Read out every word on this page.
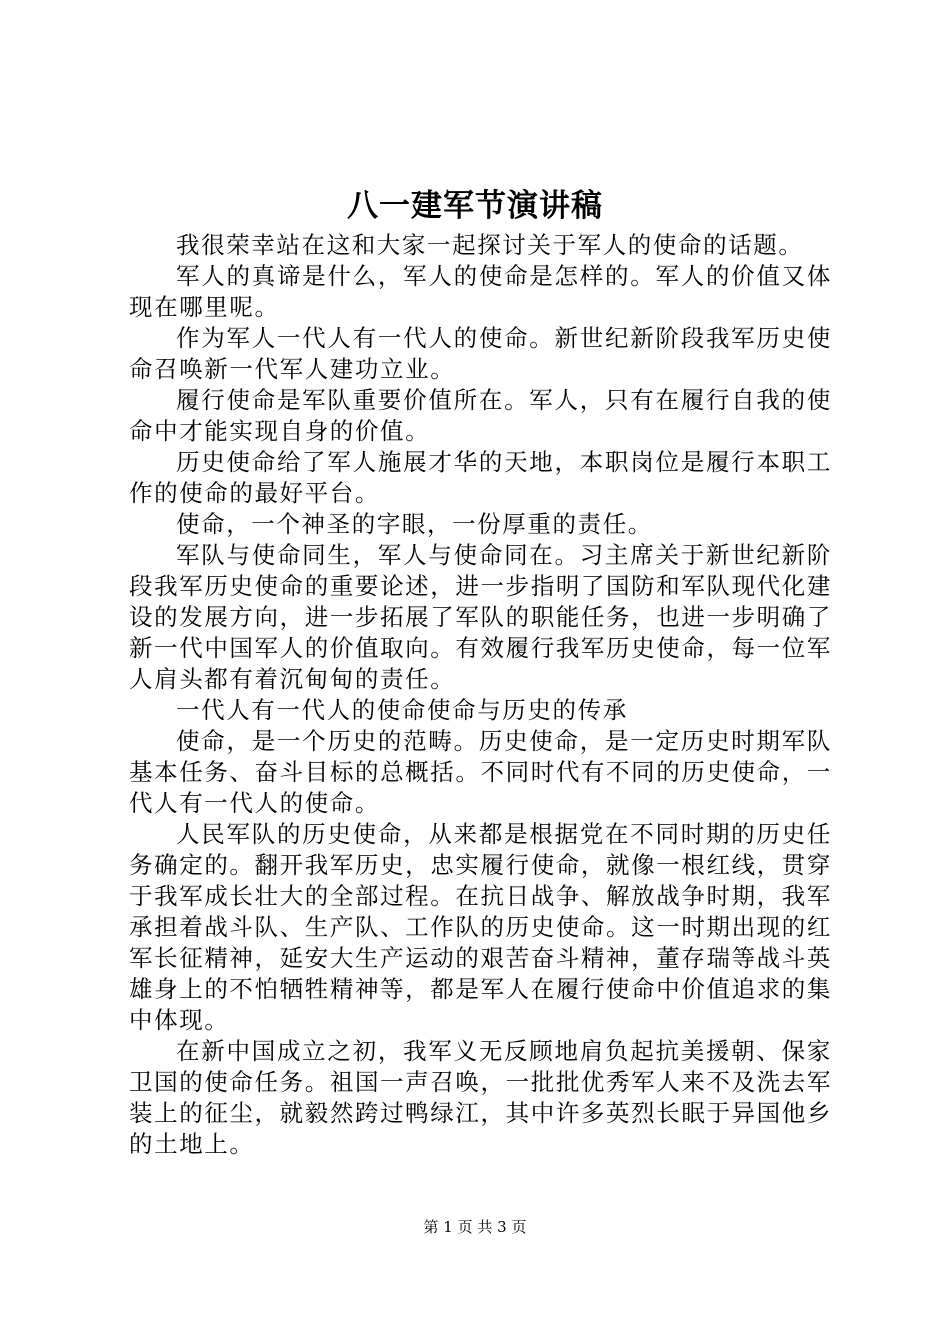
八一建军节演讲稿

我很荣幸站在这和大家一起探讨关于军人的使命的话题。

军人的真谛是什么，军人的使命是怎样的。军人的价值又体现在哪里呢。

作为军人一代人有一代人的使命。新世纪新阶段我军历史使命召唤新一代军人建功立业。

履行使命是军队重要价值所在。军人，只有在履行自我的使命中才能实现自身的价值。

历史使命给了军人施展才华的天地，本职岗位是履行本职工作的使命的最好平台。

使命，一个神圣的字眼，一份厚重的责任。

军队与使命同生，军人与使命同在。习主席关于新世纪新阶段我军历史使命的重要论述，进一步指明了国防和军队现代化建设的发展方向，进一步拓展了军队的职能任务，也进一步明确了新一代中国军人的价值取向。有效履行我军历史使命，每一位军人肩头都有着沉甸甸的责任。

一代人有一代人的使命使命与历史的传承

使命，是一个历史的范畴。历史使命，是一定历史时期军队基本任务、奋斗目标的总概括。不同时代有不同的历史使命，一代人有一代人的使命。

人民军队的历史使命，从来都是根据党在不同时期的历史任务确定的。翻开我军历史，忠实履行使命，就像一根红线，贯穿于我军成长壮大的全部过程。在抗日战争、解放战争时期，我军承担着战斗队、生产队、工作队的历史使命。这一时期出现的红军长征精神，延安大生产运动的艰苦奋斗精神，董存瑞等战斗英雄身上的不怕牺牲精神等，都是军人在履行使命中价值追求的集中体现。

在新中国成立之初，我军义无反顾地肩负起抗美援朝、保家卫国的使命任务。祖国一声召唤，一批批优秀军人来不及洗去军装上的征尘，就毅然跨过鸭绿江，其中许多英烈长眠于异国他乡的土地上。

第 1 页 共 3 页
